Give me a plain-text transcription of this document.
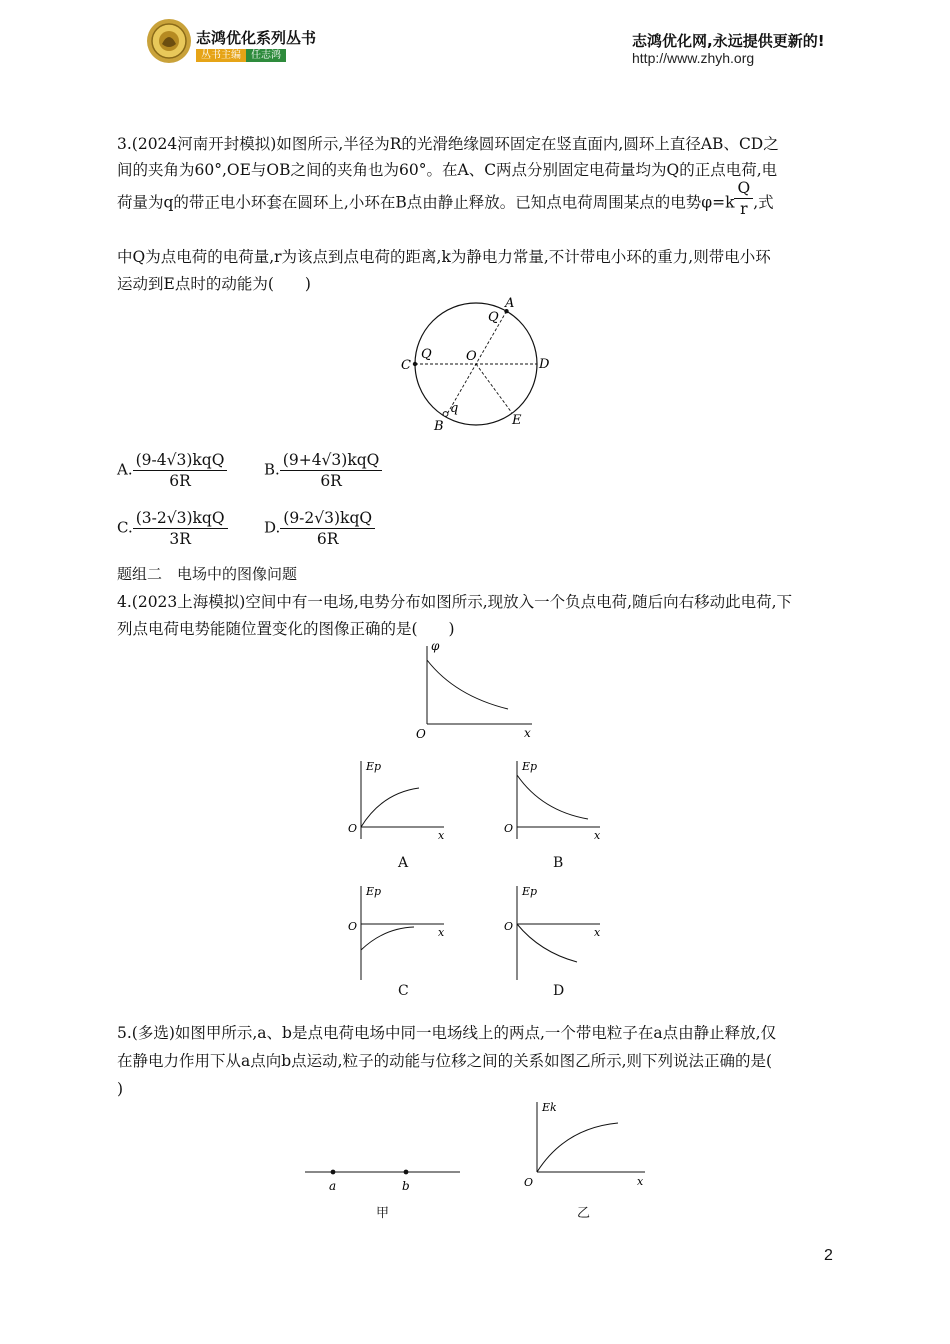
志鸿优化系列丛书
丛书主编	任志鸿
志鸿优化网,永远提供更新的!
http://www.zhyh.org
3.(2024河南开封模拟)如图所示,半径为R的光滑绝缘圆环固定在竖直面内,圆环上直径AB、CD之
间的夹角为60°,OE与OB之间的夹角也为60°。在A、C两点分别固定电荷量均为Q的正点电荷,电
荷量为q的带正电小环套在圆环上,小环在B点由静止释放。已知点电荷周围某点的电势$\varphi=k \frac{Q}{r}$ ,式
中Q为点电荷的电荷量,r为该点到点电荷的距离,k为静电力常量,不计带电小环的重力,则带电小环
运动到E点时的动能为(　　)
A
Q
C
Q	O
D
q
B	E
A. $\frac{\text{(9-4√3)kqQ}}{6R} B$. $\frac{\text{(9+4√3)kqQ}}{6R}$
C. $\frac{\text{(3-2√3)kqQ}}{3R} D$. $\frac{\text{(9-2√3)kqQ}}{6R}$
题组二　电场中的图像问题
4.(2023上海模拟)空间中有一电场,电势分布如图所示,现放入一个负点电荷,随后向右移动此电荷,下
列点电荷电势能随位置变化的图像正确的是(　　)
φ
x
O
Ep
x
O
A
Ep
x
O
B
Ep
x
O
C
Ep
x
O
D
5.(多选)如图甲所示,a、b是点电荷电场中同一电场线上的两点,一个带电粒子在a点由静止释放,仅
在静电力作用下从a点向b点运动,粒子的动能与位移之间的关系如图乙所示,则下列说法正确的是(
)
a	b
甲
Ek
x
O
乙
2
